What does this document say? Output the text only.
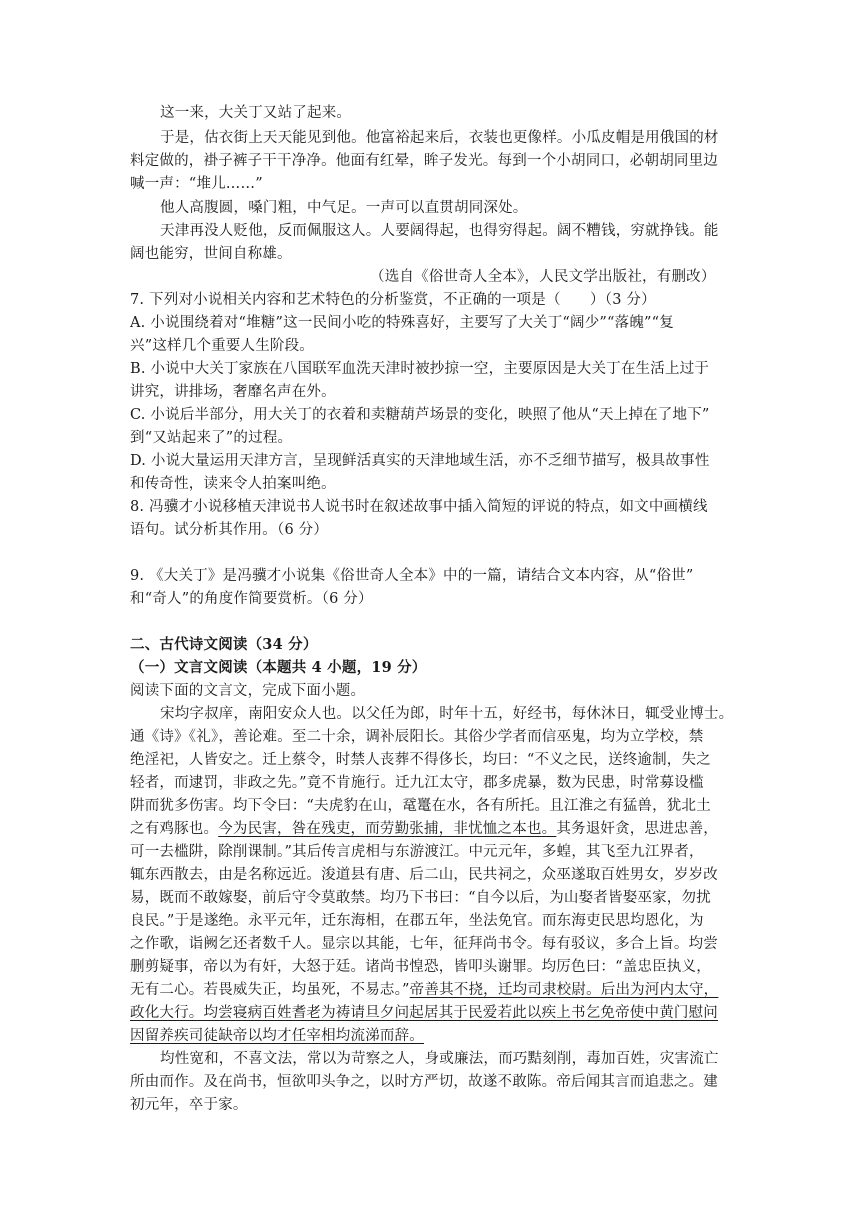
这一来，大关丁又站了起来。
于是，估衣街上天天能见到他。他富裕起来后，衣装也更像样。小瓜皮帽是用俄国的材
料定做的，褂子裤子干干净净。他面有红晕，眸子发光。每到一个小胡同口，必朝胡同里边
喊一声：“堆儿……”
他人高腹圆，嗓门粗，中气足。一声可以直贯胡同深处。
天津再没人贬他，反而佩服这人。人要阔得起，也得穷得起。阔不糟钱，穷就挣钱。能
阔也能穷，世间自称雄。
（选自《俗世奇人全本》，人民文学出版社，有删改）
7. 下列对小说相关内容和艺术特色的分析鉴赏，不正确的一项是（　　）（3 分）
A. 小说围绕着对“堆糖”这一民间小吃的特殊喜好，主要写了大关丁“阔少”“落魄”“复
兴”这样几个重要人生阶段。
B. 小说中大关丁家族在八国联军血洗天津时被抄掠一空，主要原因是大关丁在生活上过于
讲究，讲排场，奢靡名声在外。
C. 小说后半部分，用大关丁的衣着和卖糖葫芦场景的变化，映照了他从“天上掉在了地下”
到“又站起来了”的过程。
D. 小说大量运用天津方言，呈现鲜活真实的天津地域生活，亦不乏细节描写，极具故事性
和传奇性，读来令人拍案叫绝。
8. 冯骥才小说移植天津说书人说书时在叙述故事中插入简短的评说的特点，如文中画横线
语句。试分析其作用。（6 分）
9. 《大关丁》是冯骥才小说集《俗世奇人全本》中的一篇，请结合文本内容，从“俗世”
和“奇人”的角度作简要赏析。（6 分）
二、古代诗文阅读（34 分）
（一）文言文阅读（本题共 4 小题，19 分）
阅读下面的文言文，完成下面小题。
宋均字叔庠，南阳安众人也。以父任为郎，时年十五，好经书，每休沐日，辄受业博士。
通《诗》《礼》，善论难。至二十余，调补辰阳长。其俗少学者而信巫鬼，均为立学校，禁
绝淫祀，人皆安之。迁上蔡令，时禁人丧葬不得侈长，均曰：“不义之民，送终逾制，失之
轻者，而逮罚，非政之先。”竟不肯施行。迁九江太守，郡多虎暴，数为民患，时常募设槛
阱而犹多伤害。均下令曰：“夫虎豹在山，鼋鼍在水，各有所托。且江淮之有猛兽，犹北土
之有鸡豚也。今为民害，咎在残吏，而劳勤张捕，非忧恤之本也。其务退奸贪，思进忠善，
可一去槛阱，除削课制。”其后传言虎相与东游渡江。中元元年，多蝗，其飞至九江界者，
辄东西散去，由是名称远近。浚道县有唐、后二山，民共祠之，众巫遂取百姓男女，岁岁改
易，既而不敢嫁娶，前后守令莫敢禁。均乃下书曰：“自今以后，为山娶者皆娶巫家，勿扰
良民。”于是遂绝。永平元年，迁东海相，在郡五年，坐法免官。而东海吏民思均恩化，为
之作歌，诣阙乞还者数千人。显宗以其能，七年，征拜尚书令。每有驳议，多合上旨。均尝
删剪疑事，帝以为有奸，大怒于廷。诸尚书惶恐，皆叩头谢罪。均厉色曰：“盖忠臣执义，
无有二心。若畏威失正，均虽死，不易志。”帝善其不挠，迁均司隶校尉。后出为河内太守，
政化大行。均尝寝病百姓耆老为祷请旦夕问起居其于民爱若此以疾上书乞免帝使中黄门慰问
因留养疾司徒缺帝以均才任宰相均流涕而辞。
均性宽和，不喜文法，常以为苛察之人，身或廉法，而巧黠刻削，毒加百姓，灾害流亡
所由而作。及在尚书，恒欲叩头争之，以时方严切，故遂不敢陈。帝后闻其言而追悲之。建
初元年，卒于家。
